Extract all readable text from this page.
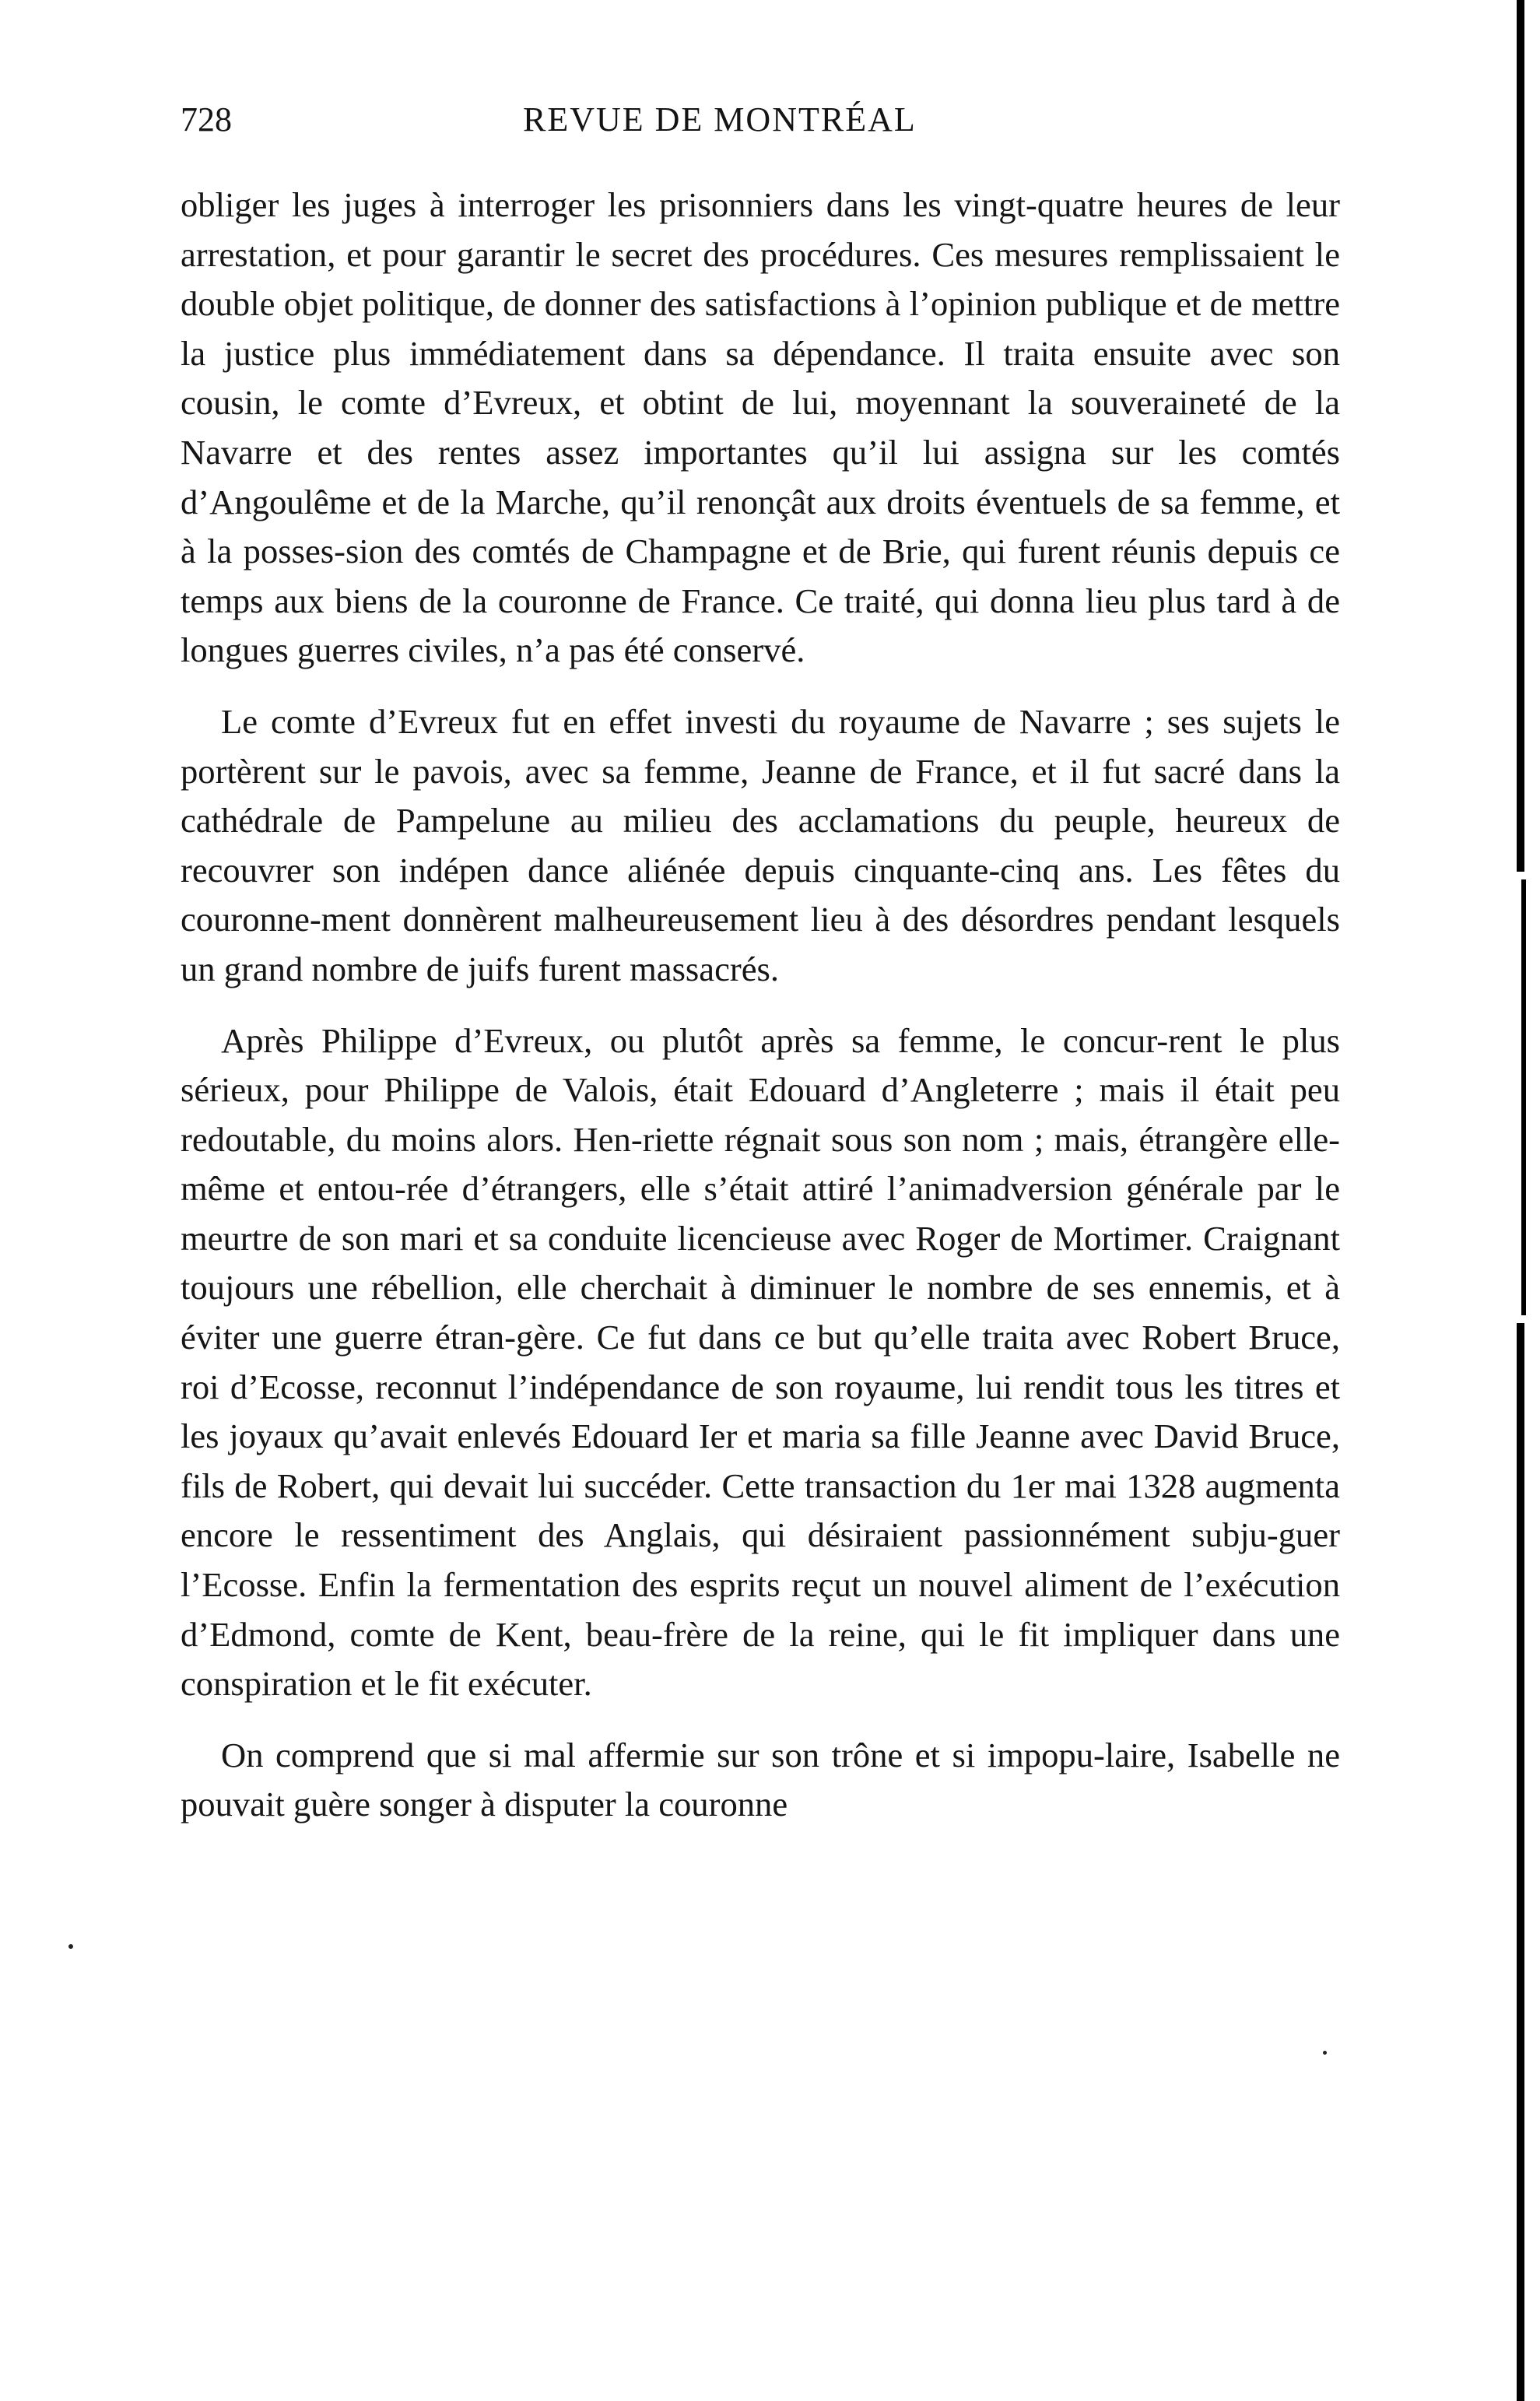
728	REVUE DE MONTRÉAL

obliger les juges à interroger les prisonniers dans les vingt-quatre heures de leur arrestation, et pour garantir le secret des procédures. Ces mesures remplissaient le double objet politique, de donner des satisfactions à l’opinion publique et de mettre la justice plus immédiatement dans sa dépendance. Il traita ensuite avec son cousin, le comte d’Evreux, et obtint de lui, moyennant la souveraineté de la Navarre et des rentes assez importantes qu’il lui assigna sur les comtés d’Angoulême et de la Marche, qu’il renonçât aux droits éventuels de sa femme, et à la posses-sion des comtés de Champagne et de Brie, qui furent réunis depuis ce temps aux biens de la couronne de France. Ce traité, qui donna lieu plus tard à de longues guerres civiles, n’a pas été conservé.

Le comte d’Evreux fut en effet investi du royaume de Navarre ; ses sujets le portèrent sur le pavois, avec sa femme, Jeanne de France, et il fut sacré dans la cathédrale de Pampelune au milieu des acclamations du peuple, heureux de recouvrer son indépen dance aliénée depuis cinquante-cinq ans. Les fêtes du couronne-ment donnèrent malheureusement lieu à des désordres pendant lesquels un grand nombre de juifs furent massacrés.

Après Philippe d’Evreux, ou plutôt après sa femme, le concur-rent le plus sérieux, pour Philippe de Valois, était Edouard d’Angleterre ; mais il était peu redoutable, du moins alors. Hen-riette régnait sous son nom ; mais, étrangère elle-même et entou-rée d’étrangers, elle s’était attiré l’animadversion générale par le meurtre de son mari et sa conduite licencieuse avec Roger de Mortimer. Craignant toujours une rébellion, elle cherchait à diminuer le nombre de ses ennemis, et à éviter une guerre étran-gère. Ce fut dans ce but qu’elle traita avec Robert Bruce, roi d’Ecosse, reconnut l’indépendance de son royaume, lui rendit tous les titres et les joyaux qu’avait enlevés Edouard Ier et maria sa fille Jeanne avec David Bruce, fils de Robert, qui devait lui succéder. Cette transaction du 1er mai 1328 augmenta encore le ressentiment des Anglais, qui désiraient passionnément subju-guer l’Ecosse. Enfin la fermentation des esprits reçut un nouvel aliment de l’exécution d’Edmond, comte de Kent, beau-frère de la reine, qui le fit impliquer dans une conspiration et le fit exécuter.

On comprend que si mal affermie sur son trône et si impopu-laire, Isabelle ne pouvait guère songer à disputer la couronne
